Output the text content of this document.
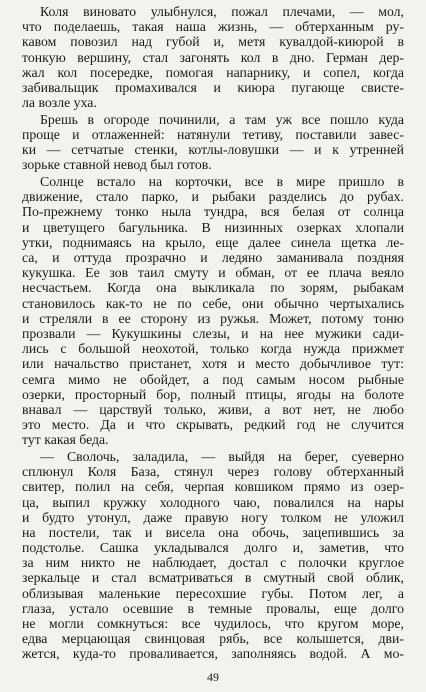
Коля виновато улыбнулся, пожал плечами, — мол,
что поделаешь, такая наша жизнь, — обтерханным ру-
кавом повозил над губой и, метя кувалдой-киюрой в
тонкую вершину, стал загонять кол в дно. Герман дер-
жал кол посередке, помогая напарнику, и сопел, когда
забивальщик промахивался и киюра пугающе свисте-
ла возле уха.
Брешь в огороде починили, а там уж все пошло куда
проще и отлаженней: натянули тетиву, поставили завес-
ки — сетчатые стенки, котлы-ловушки — и к утренней
зорьке ставной невод был готов.
Солнце встало на корточки, все в мире пришло в
движение, стало парко, и рыбаки разделись до рубах.
По-прежнему тонко ныла тундра, вся белая от солнца
и цветущего багульника. В низинных озерках хлопали
утки, поднимаясь на крыло, еще далее синела щетка ле-
са, и оттуда прозрачно и ледяно заманивала поздняя
кукушка. Ее зов таил смуту и обман, от ее плача веяло
несчастьем. Когда она выкликала по зорям, рыбакам
становилось как-то не по себе, они обычно чертыхались
и стреляли в ее сторону из ружья. Может, потому тоню
прозвали — Кукушкины слезы, и на нее мужики сади-
лись с большой неохотой, только когда нужда прижмет
или начальство пристанет, хотя и место добычливое тут:
семга мимо не обойдет, а под самым носом рыбные
озерки, просторный бор, полный птицы, ягоды на болоте
внавал — царствуй только, живи, а вот нет, не любо
это место. Да и что скрывать, редкий год не случится
тут какая беда.
— Сволочь, заладила, — выйдя на берег, суеверно
сплюнул Коля База, стянул через голову обтерханный
свитер, полил на себя, черпая ковшиком прямо из озер-
ца, выпил кружку холодного чаю, повалился на нары
и будто утонул, даже правую ногу толком не уложил
на постели, так и висела она обочь, зацепившись за
подстолье. Сашка укладывался долго и, заметив, что
за ним никто не наблюдает, достал с полочки круглое
зеркальце и стал всматриваться в смутный свой облик,
облизывая маленькие пересохшие губы. Потом лег, а
глаза, устало осевшие в темные провалы, еще долго
не могли сомкнуться: все чудилось, что кругом море,
едва мерцающая свинцовая рябь, все колышется, дви-
жется, куда-то проваливается, заполняясь водой. А мо-
49
